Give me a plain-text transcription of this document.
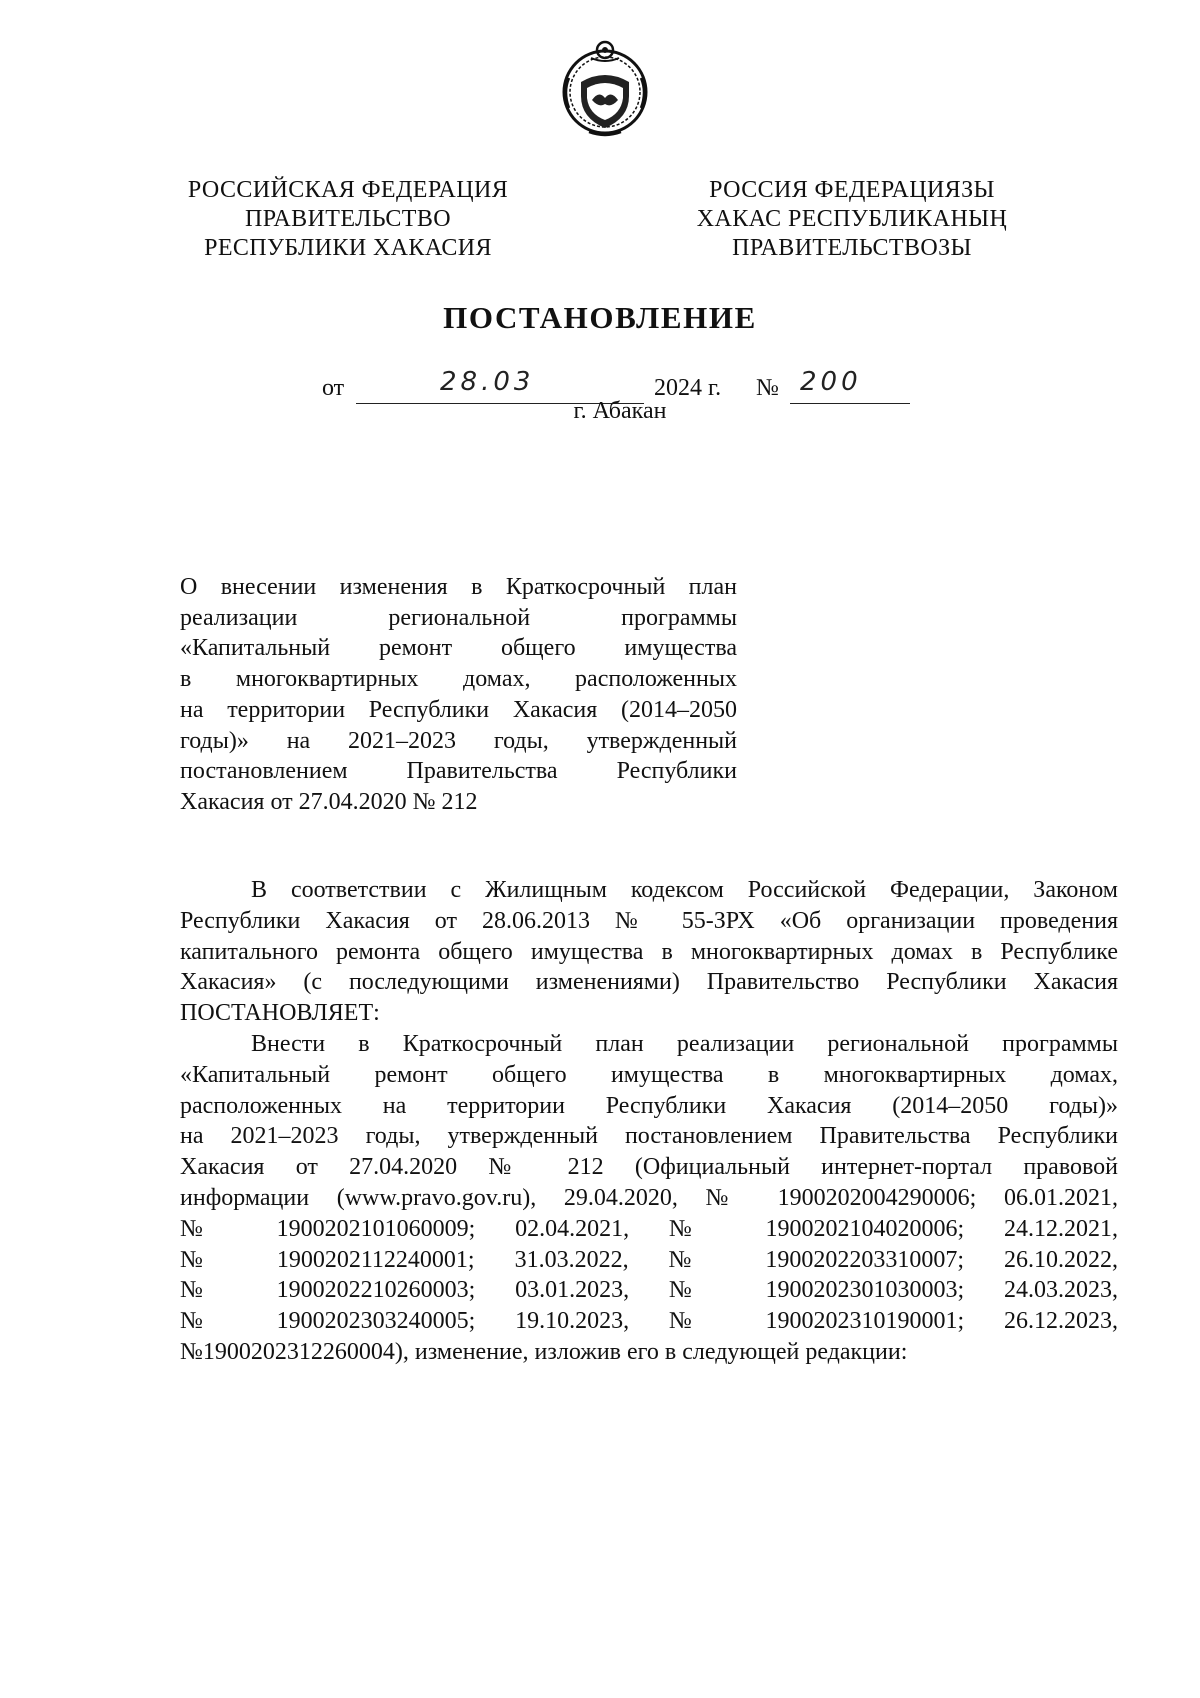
РОССИЙСКАЯ ФЕДЕРАЦИЯ
ПРАВИТЕЛЬСТВО
РЕСПУБЛИКИ ХАКАСИЯ
РОССИЯ ФЕДЕРАЦИЯЗЫ
ХАКАС РЕСПУБЛИКАНЫҢ
ПРАВИТЕЛЬСТВОЗЫ
ПОСТАНОВЛЕНИЕ
от	28.03	2024 г. № 200
г. Абакан
О внесении изменения в Краткосрочный план
реализации региональной программы
«Капитальный ремонт общего имущества
в многоквартирных домах, расположенных
на территории Республики Хакасия (2014–2050
годы)» на 2021–2023 годы, утвержденный
постановлением Правительства Республики
Хакасия от 27.04.2020 № 212
В соответствии с Жилищным кодексом Российской Федерации, Законом
Республики Хакасия от 28.06.2013 № 55-ЗРХ «Об организации проведения
капитального ремонта общего имущества в многоквартирных домах в Республике
Хакасия» (с последующими изменениями) Правительство Республики Хакасия
ПОСТАНОВЛЯЕТ:
Внести в Краткосрочный план реализации региональной программы
«Капитальный ремонт общего имущества в многоквартирных домах,
расположенных на территории Республики Хакасия (2014–2050 годы)»
на 2021–2023 годы, утвержденный постановлением Правительства Республики
Хакасия от 27.04.2020 № 212 (Официальный интернет-портал правовой
информации (www.pravo.gov.ru), 29.04.2020, № 1900202004290006; 06.01.2021,
№ 1900202101060009; 02.04.2021, № 1900202104020006; 24.12.2021,
№ 1900202112240001; 31.03.2022, № 1900202203310007; 26.10.2022,
№ 1900202210260003; 03.01.2023, № 1900202301030003; 24.03.2023,
№ 1900202303240005; 19.10.2023, № 1900202310190001; 26.12.2023,
№1900202312260004), изменение, изложив его в следующей редакции:
